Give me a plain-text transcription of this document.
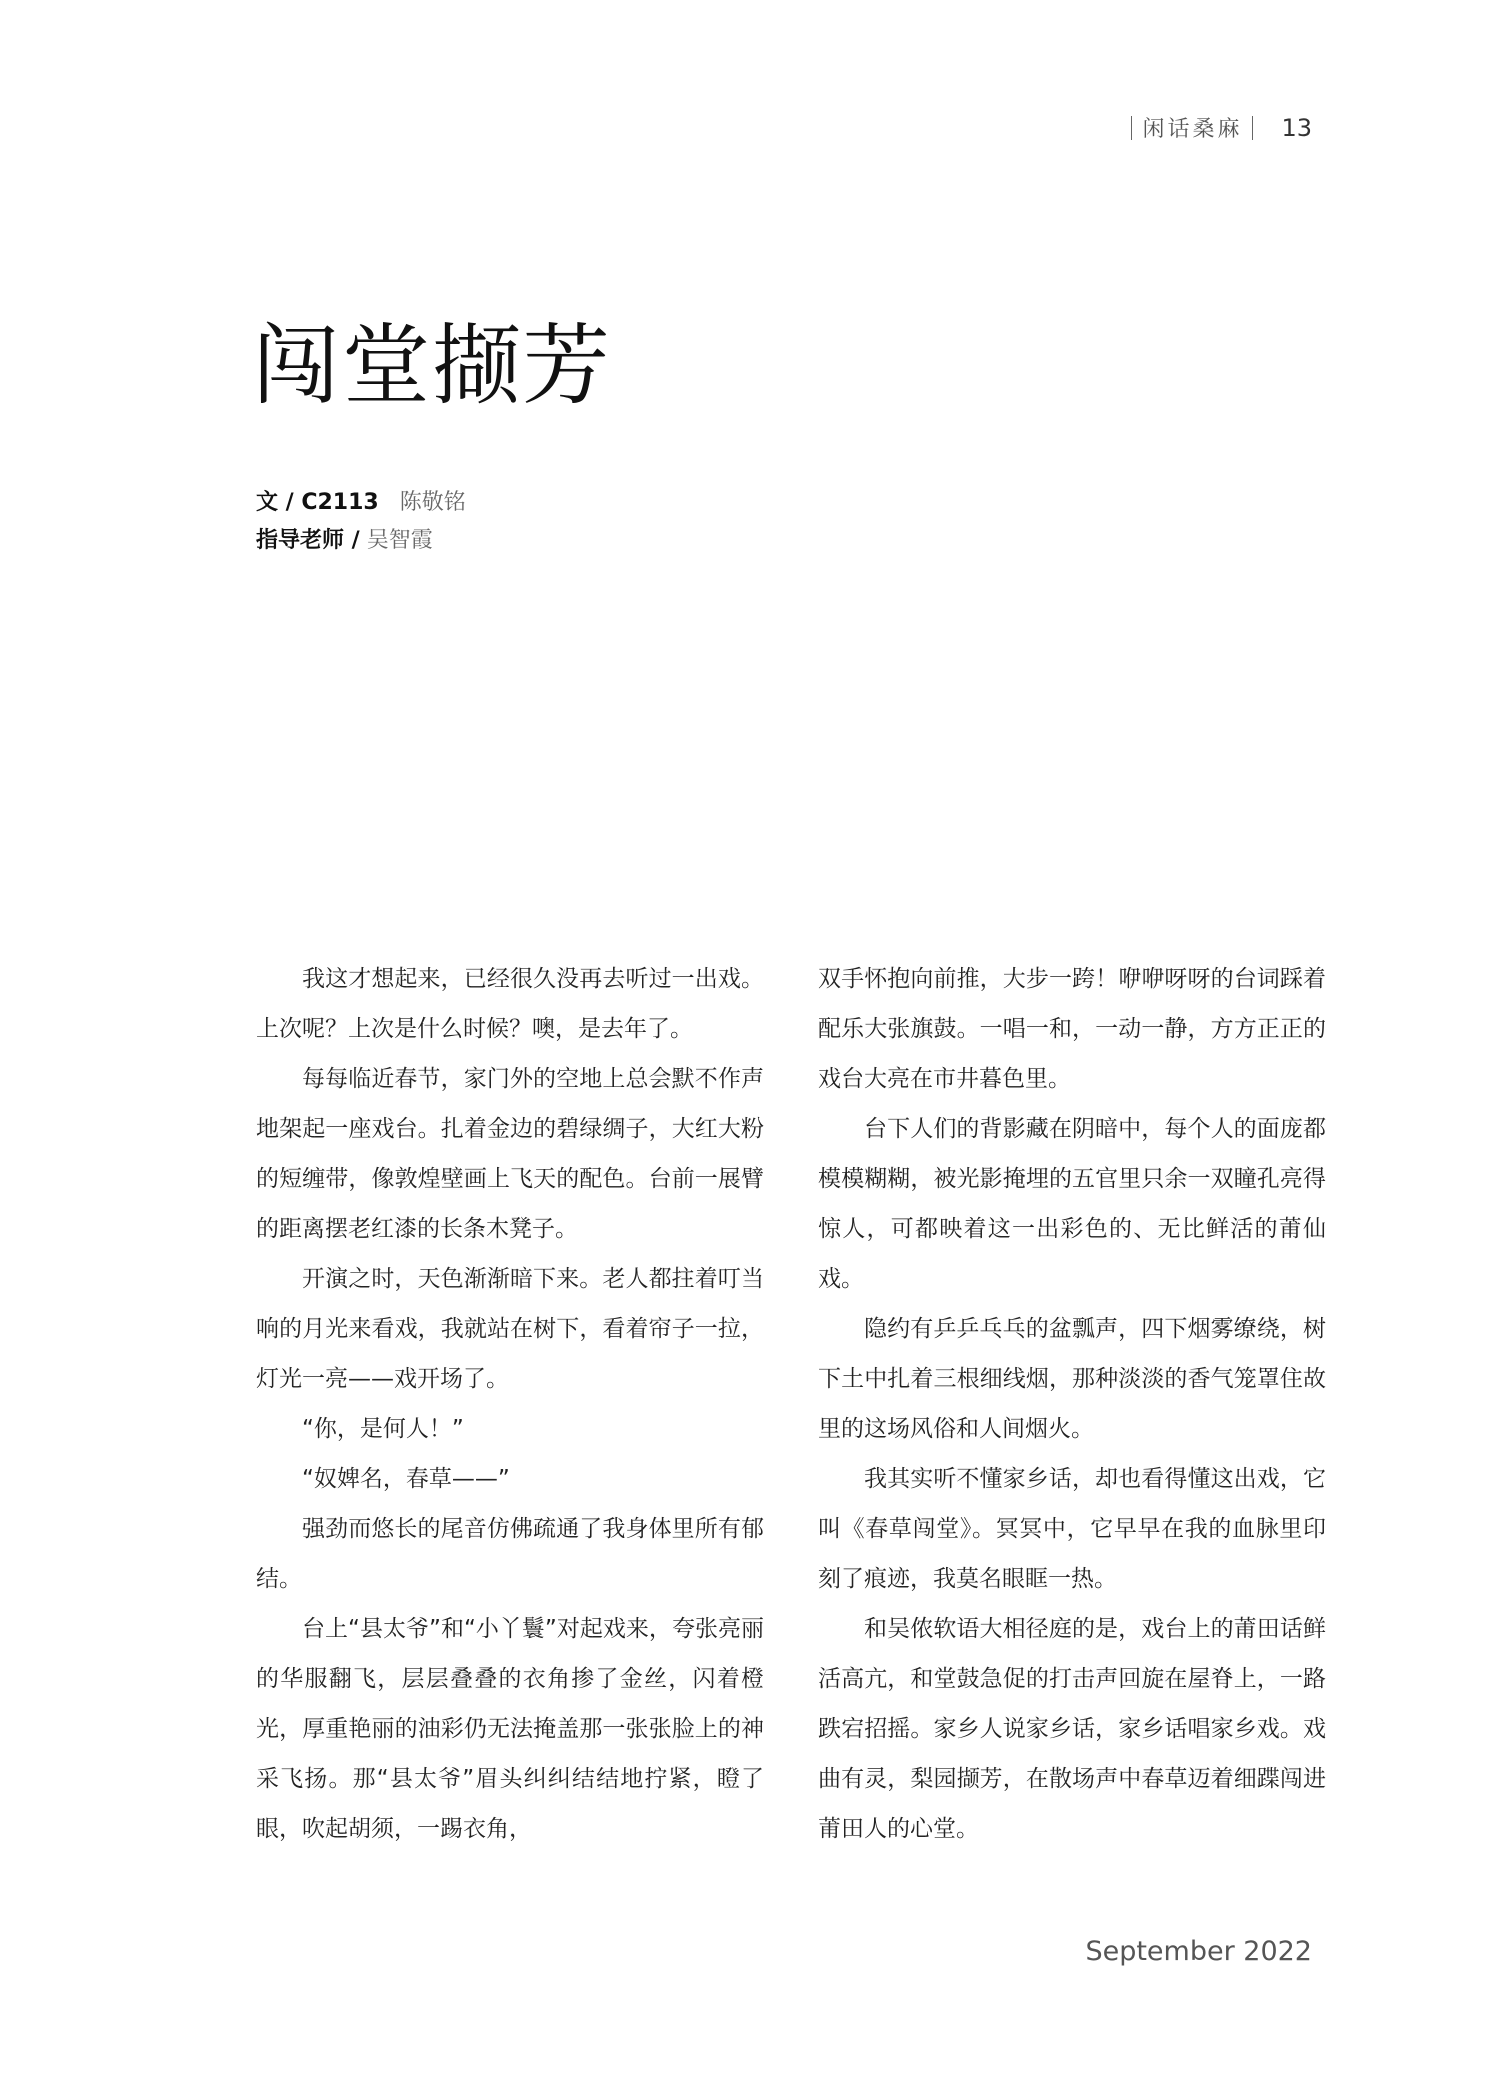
闲话桑麻 13
闯堂撷芳
文 / C2113 陈敬铭
指导老师 / 吴智霞

我这才想起来，已经很久没再去听过一出戏。上次呢？上次是什么时候？噢，是去年了。

每每临近春节，家门外的空地上总会默不作声地架起一座戏台。扎着金边的碧绿绸子，大红大粉的短缠带，像敦煌壁画上飞天的配色。台前一展臂的距离摆老红漆的长条木凳子。

开演之时，天色渐渐暗下来。老人都拄着叮当响的月光来看戏，我就站在树下，看着帘子一拉，灯光一亮——戏开场了。

“你，是何人！”

“奴婢名，春草——”

强劲而悠长的尾音仿佛疏通了我身体里所有郁结。

台上“县太爷”和“小丫鬟”对起戏来，夸张亮丽的华服翻飞，层层叠叠的衣角掺了金丝，闪着橙光，厚重艳丽的油彩仍无法掩盖那一张张脸上的神采飞扬。那“县太爷”眉头纠纠结结地拧紧，瞪了眼，吹起胡须，一踢衣角，

双手怀抱向前推，大步一跨！咿咿呀呀的台词踩着配乐大张旗鼓。一唱一和，一动一静，方方正正的戏台大亮在市井暮色里。

台下人们的背影藏在阴暗中，每个人的面庞都模模糊糊，被光影掩埋的五官里只余一双瞳孔亮得惊人，可都映着这一出彩色的、无比鲜活的莆仙戏。

隐约有乒乒乓乓的盆瓢声，四下烟雾缭绕，树下土中扎着三根细线烟，那种淡淡的香气笼罩住故里的这场风俗和人间烟火。

我其实听不懂家乡话，却也看得懂这出戏，它叫《春草闯堂》。冥冥中，它早早在我的血脉里印刻了痕迹，我莫名眼眶一热。

和吴侬软语大相径庭的是，戏台上的莆田话鲜活高亢，和堂鼓急促的打击声回旋在屋脊上，一路跌宕招摇。家乡人说家乡话，家乡话唱家乡戏。戏曲有灵，梨园撷芳，在散场声中春草迈着细蹀闯进莆田人的心堂。

September 2022
